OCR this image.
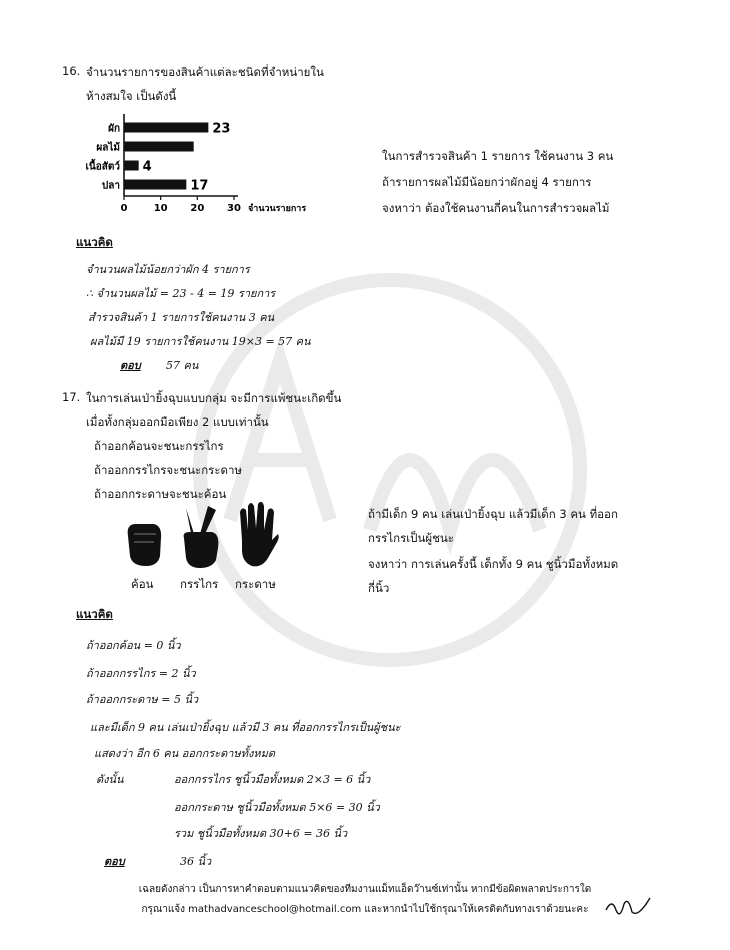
16. จำนวนรายการของสินค้าแต่ละชนิดที่จำหน่ายใน
ห้างสมใจ เป็นดังนี้
ผัก	23
ผลไม้
เนื้อสัตว์ 4
ปลา	17
0	10 20 30 จำนวนรายการ
ในการสำรวจสินค้า 1 รายการ ใช้คนงาน 3 คน
ถ้ารายการผลไม้มีน้อยกว่าผักอยู่ 4 รายการ
จงหาว่า ต้องใช้คนงานกี่คนในการสำรวจผลไม้
แนวคิด
จำนวนผลไม้น้อยกว่าผัก 4 รายการ
∴ จำนวนผลไม้ = 23 - 4 = 19 รายการ
สำรวจสินค้า 1 รายการใช้คนงาน 3 คน
ผลไม้มี 19 รายการใช้คนงาน 19×3 = 57 คน
ตอบ 57 คน
17. ในการเล่นเป่ายิ้งฉุบแบบกลุ่ม จะมีการแพ้ชนะเกิดขึ้น
เมื่อทั้งกลุ่มออกมือเพียง 2 แบบเท่านั้น
ถ้าออกค้อนจะชนะกรรไกร
ถ้าออกกรรไกรจะชนะกระดาษ
ถ้าออกกระดาษจะชนะค้อน
ค้อน กรรไกร กระดาษ
ถ้ามีเด็ก 9 คน เล่นเป่ายิ้งฉุบ แล้วมีเด็ก 3 คน ที่ออก
กรรไกรเป็นผู้ชนะ
จงหาว่า การเล่นครั้งนี้ เด็กทั้ง 9 คน ชูนิ้วมือทั้งหมด
กี่นิ้ว
แนวคิด
ถ้าออกค้อน = 0 นิ้ว
ถ้าออกกรรไกร = 2 นิ้ว
ถ้าออกกระดาษ = 5 นิ้ว
และมีเด็ก 9 คน เล่นเป่ายิ้งฉุบ แล้วมี 3 คน ที่ออกกรรไกรเป็นผู้ชนะ
แสดงว่า อีก 6 คน ออกกระดาษทั้งหมด
ดังนั้น	ออกกรรไกร ชูนิ้วมือทั้งหมด 2×3 = 6 นิ้ว
ออกกระดาษ ชูนิ้วมือทั้งหมด 5×6 = 30 นิ้ว
รวม ชูนิ้วมือทั้งหมด 30+6 = 36 นิ้ว
ตอบ	36 นิ้ว
เฉลยดังกล่าว เป็นการหาคำตอบตามแนวคิดของทีมงานแม็ทแอ็ดว๊านซ์เท่านั้น หากมีข้อผิดพลาดประการใด
กรุณาแจ้ง mathadvanceschool@hotmail.com และหากนำไปใช้กรุณาให้เครดิตกับทางเราด้วยนะคะ
